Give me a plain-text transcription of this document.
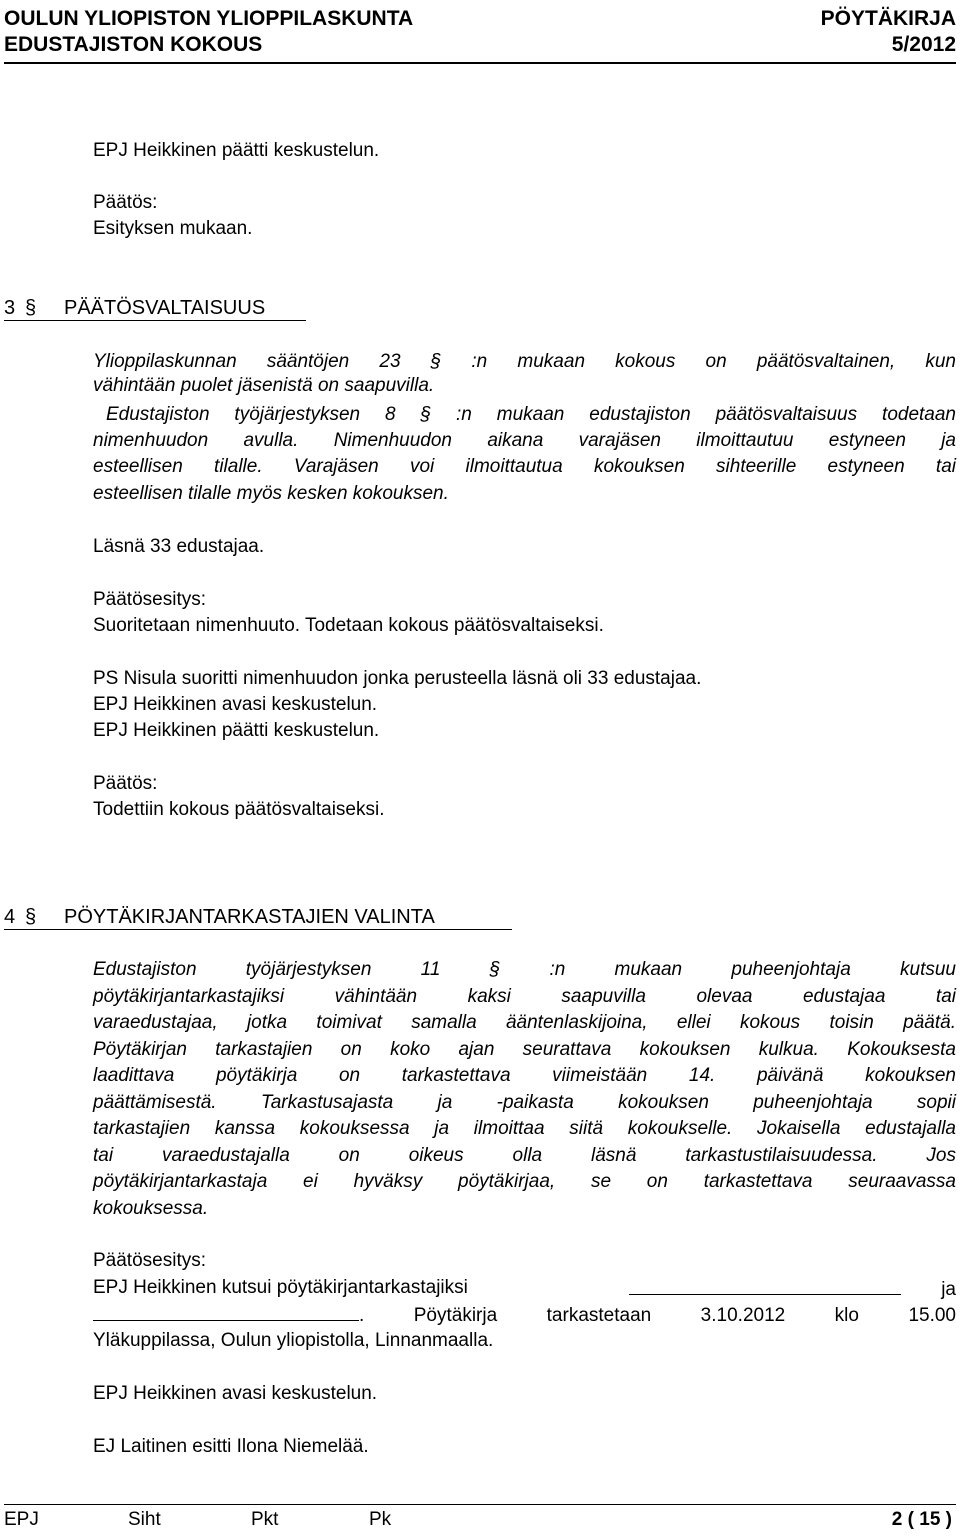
OULUN YLIOPISTON YLIOPPILASKUNTA	PÖYTÄKIRJA
EDUSTAJISTON KOKOUS	5/2012
EPJ Heikkinen päätti keskustelun.
Päätös:
Esityksen mukaan.
3 § PÄÄTÖSVALTAISUUS
Ylioppilaskunnan sääntöjen 23 § :n mukaan kokous on päätösvaltainen, kun
vähintään puolet jäsenistä on saapuvilla.
Edustajiston työjärjestyksen 8 § :n mukaan edustajiston päätösvaltaisuus todetaan
nimenhuudon avulla. Nimenhuudon aikana varajäsen ilmoittautuu estyneen ja
esteellisen tilalle. Varajäsen voi ilmoittautua kokouksen sihteerille estyneen tai
esteellisen tilalle myös kesken kokouksen.
Läsnä 33 edustajaa.
Päätösesitys:
Suoritetaan nimenhuuto. Todetaan kokous päätösvaltaiseksi.
PS Nisula suoritti nimenhuudon jonka perusteella läsnä oli 33 edustajaa.
EPJ Heikkinen avasi keskustelun.
EPJ Heikkinen päätti keskustelun.
Päätös:
Todettiin kokous päätösvaltaiseksi.
4 § PÖYTÄKIRJANTARKASTAJIEN VALINTA
Edustajiston työjärjestyksen 11 § :n mukaan puheenjohtaja kutsuu
pöytäkirjantarkastajiksi vähintään kaksi saapuvilla olevaa edustajaa tai
varaedustajaa, jotka toimivat samalla ääntenlaskijoina, ellei kokous toisin päätä.
Pöytäkirjan tarkastajien on koko ajan seurattava kokouksen kulkua. Kokouksesta
laadittava pöytäkirja on tarkastettava viimeistään 14. päivänä kokouksen
päättämisestä. Tarkastusajasta ja -paikasta kokouksen puheenjohtaja sopii
tarkastajien kanssa kokouksessa ja ilmoittaa siitä kokoukselle. Jokaisella edustajalla
tai varaedustajalla on oikeus olla läsnä tarkastustilaisuudessa. Jos
pöytäkirjantarkastaja ei hyväksy pöytäkirjaa, se on tarkastettava seuraavassa
kokouksessa.
Päätösesitys:
EPJ Heikkinen kutsui pöytäkirjantarkastajiksi	ja
. Pöytäkirja tarkastetaan 3.10.2012 klo 15.00
Yläkuppilassa, Oulun yliopistolla, Linnanmaalla.
EPJ Heikkinen avasi keskustelun.
EJ Laitinen esitti Ilona Niemelää.
EPJ	Siht	Pkt	Pk	2 ( 15 )
